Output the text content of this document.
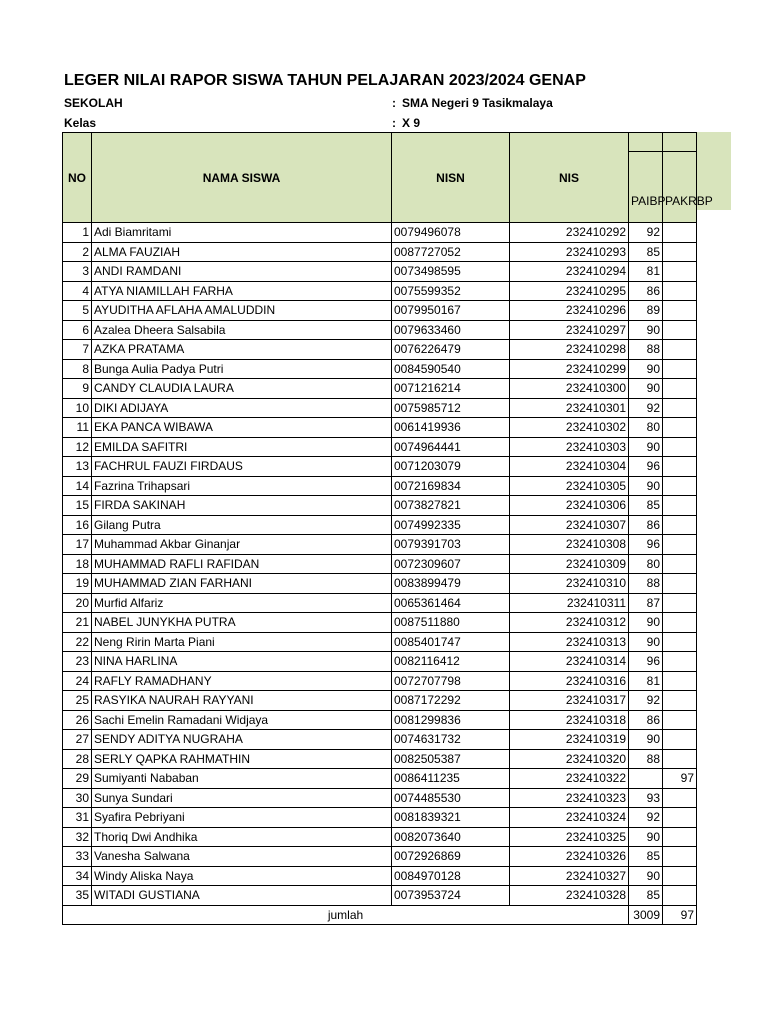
LEGER NILAI RAPOR SISWA TAHUN PELAJARAN 2023/2024 GENAP
SEKOLAH	: SMA Negeri 9 Tasikmalaya
Kelas	: X 9
NO	NAMA SISWA	NISN	NIS	PAIBP	PAKRBP
1	Adi Biamritami	0079496078	232410292	92	
2	ALMA FAUZIAH	0087727052	232410293	85	
3	ANDI RAMDANI	0073498595	232410294	81	
4	ATYA NIAMILLAH FARHA	0075599352	232410295	86	
5	AYUDITHA AFLAHA AMALUDDIN	0079950167	232410296	89	
6	Azalea Dheera Salsabila	0079633460	232410297	90	
7	AZKA PRATAMA	0076226479	232410298	88	
8	Bunga Aulia Padya Putri	0084590540	232410299	90	
9	CANDY CLAUDIA LAURA	0071216214	232410300	90	
10	DIKI ADIJAYA	0075985712	232410301	92	
11	EKA PANCA WIBAWA	0061419936	232410302	80	
12	EMILDA SAFITRI	0074964441	232410303	90	
13	FACHRUL FAUZI FIRDAUS	0071203079	232410304	96	
14	Fazrina Trihapsari	0072169834	232410305	90	
15	FIRDA SAKINAH	0073827821	232410306	85	
16	Gilang Putra	0074992335	232410307	86	
17	Muhammad Akbar Ginanjar	0079391703	232410308	96	
18	MUHAMMAD RAFLI RAFIDAN	0072309607	232410309	80	
19	MUHAMMAD ZIAN FARHANI	0083899479	232410310	88	
20	Murfid Alfariz	0065361464	232410311	87	
21	NABEL JUNYKHA PUTRA	0087511880	232410312	90	
22	Neng Ririn Marta Piani	0085401747	232410313	90	
23	NINA HARLINA	0082116412	232410314	96	
24	RAFLY RAMADHANY	0072707798	232410316	81	
25	RASYIKA NAURAH RAYYANI	0087172292	232410317	92	
26	Sachi Emelin Ramadani Widjaya	0081299836	232410318	86	
27	SENDY ADITYA NUGRAHA	0074631732	232410319	90	
28	SERLY QAPKA RAHMATHIN	0082505387	232410320	88	
29	Sumiyanti Nababan	0086411235	232410322		97
30	Sunya Sundari	0074485530	232410323	93	
31	Syafira Pebriyani	0081839321	232410324	92	
32	Thoriq Dwi Andhika	0082073640	232410325	90	
33	Vanesha Salwana	0072926869	232410326	85	
34	Windy Aliska Naya	0084970128	232410327	90	
35	WITADI GUSTIANA	0073953724	232410328	85	
jumlah				3009	97
